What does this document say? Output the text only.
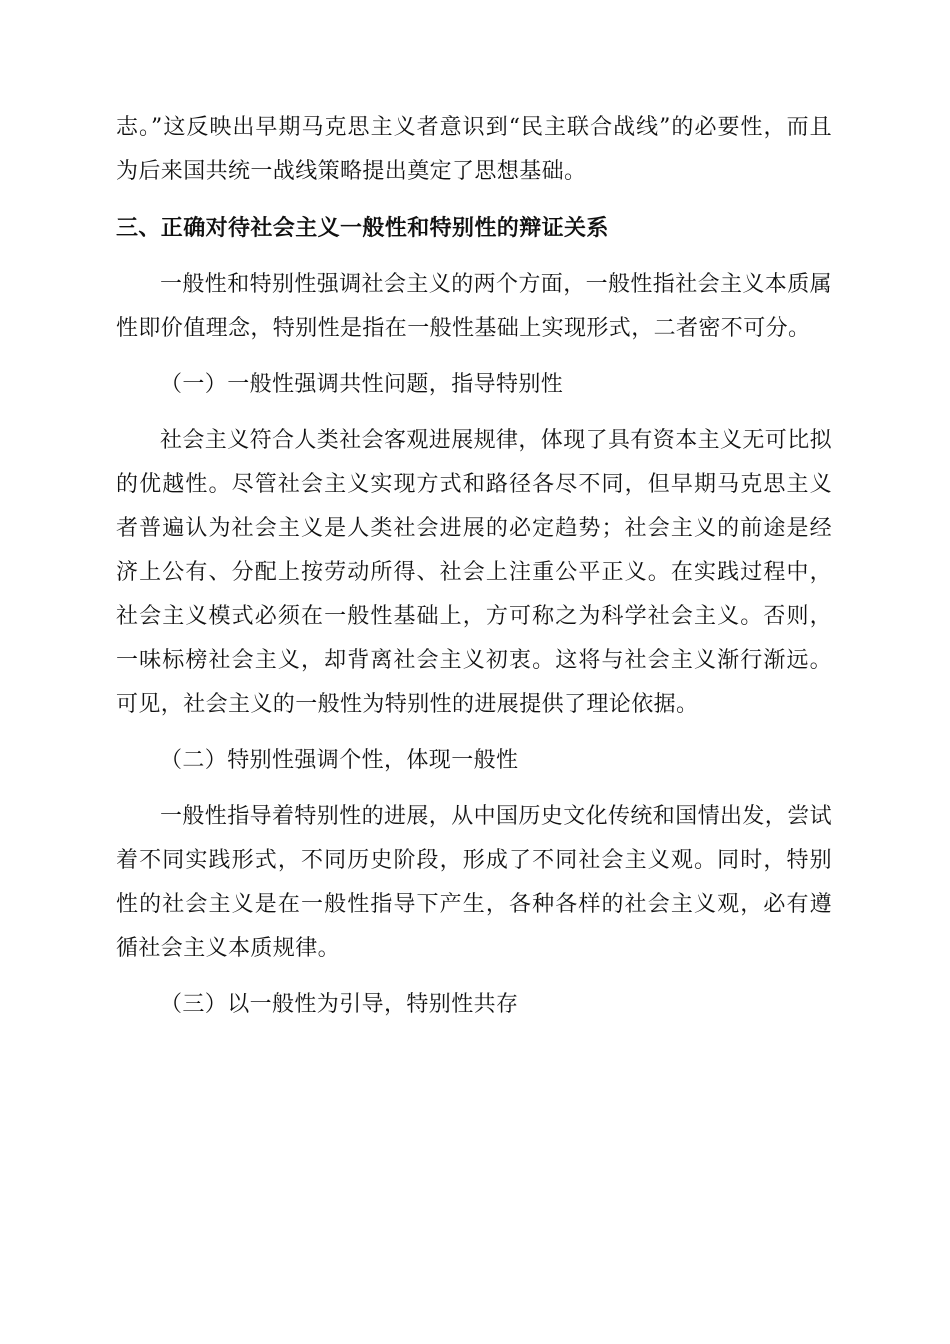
志。”这反映出早期马克思主义者意识到“民主联合战线”的必要性，而且为后来国共统一战线策略提出奠定了思想基础。

三、正确对待社会主义一般性和特别性的辩证关系

一般性和特别性强调社会主义的两个方面，一般性指社会主义本质属性即价值理念，特别性是指在一般性基础上实现形式，二者密不可分。

（一）一般性强调共性问题，指导特别性

社会主义符合人类社会客观进展规律，体现了具有资本主义无可比拟的优越性。尽管社会主义实现方式和路径各尽不同，但早期马克思主义者普遍认为社会主义是人类社会进展的必定趋势；社会主义的前途是经济上公有、分配上按劳动所得、社会上注重公平正义。在实践过程中，社会主义模式必须在一般性基础上，方可称之为科学社会主义。否则，一味标榜社会主义，却背离社会主义初衷。这将与社会主义渐行渐远。可见，社会主义的一般性为特别性的进展提供了理论依据。

（二）特别性强调个性，体现一般性

一般性指导着特别性的进展，从中国历史文化传统和国情出发，尝试着不同实践形式，不同历史阶段，形成了不同社会主义观。同时，特别性的社会主义是在一般性指导下产生，各种各样的社会主义观，必有遵循社会主义本质规律。

（三）以一般性为引导，特别性共存
